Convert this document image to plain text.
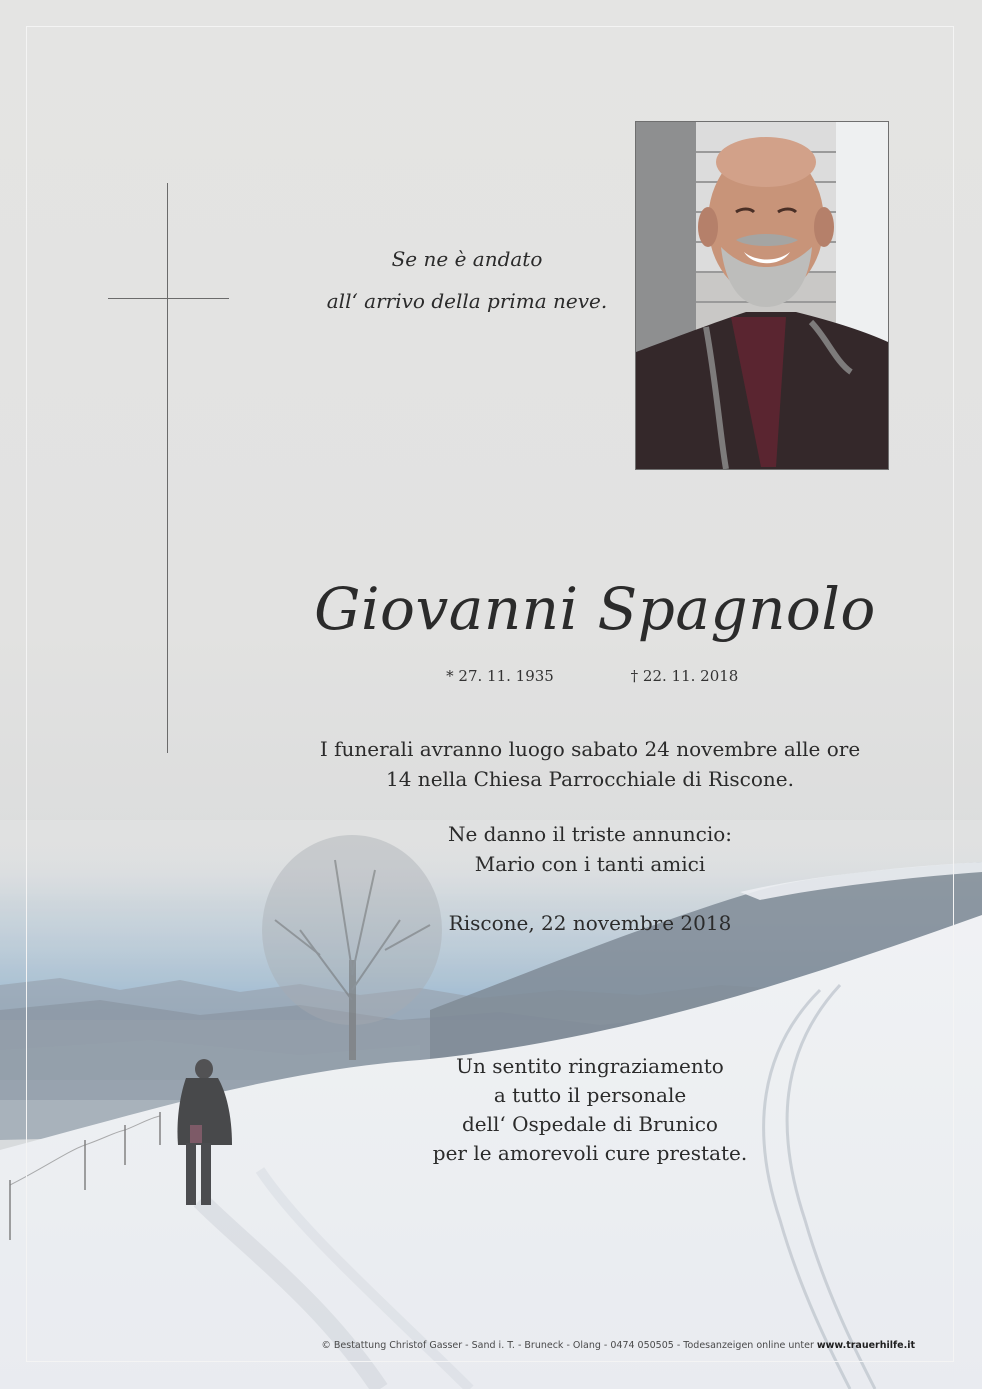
Se ne è andato
all‘ arrivo della prima neve.
Giovanni Spagnolo
* 27. 11. 1935	† 22. 11. 2018
I funerali avranno luogo sabato 24 novembre alle ore
14 nella Chiesa Parrocchiale di Riscone.
Ne danno il triste annuncio:
Mario con i tanti amici
Riscone, 22 novembre 2018
Un sentito ringraziamento
a tutto il personale
dell‘ Ospedale di Brunico
per le amorevoli cure prestate.
© Bestattung Christof Gasser - Sand i. T. - Bruneck - Olang - 0474 050505 - Todesanzeigen online unter www.trauerhilfe.it
